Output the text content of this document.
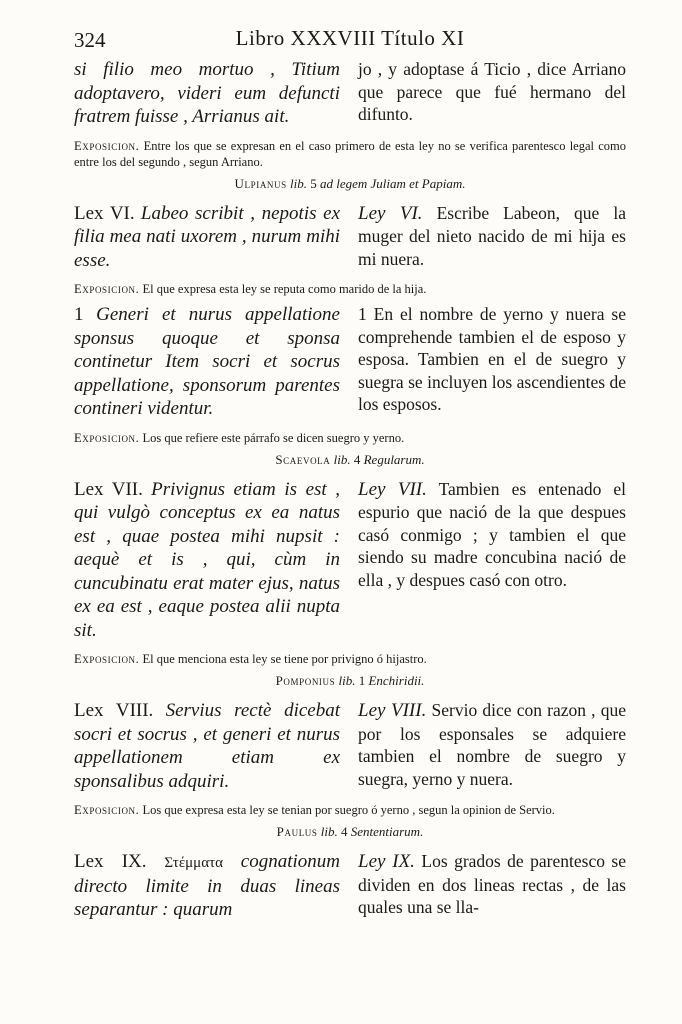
324	Libro XXXVIII Título XI
si filio meo mortuo , Titium adoptavero, videri eum defuncti fratrem fuisse , Arrianus ait.
jo , y adoptase á Ticio , dice Arriano que parece que fué hermano del difunto.

Exposicion. Entre los que se expresan en el caso primero de esta ley no se verifica parentesco legal como entre los del segundo , segun Arriano.

Ulpianus lib. 5 ad legem Juliam et Papiam.

Lex VI. Labeo scribit , nepotis ex filia mea nati uxorem , nurum mihi esse.
Ley VI. Escribe Labeon, que la muger del nieto nacido de mi hija es mi nuera.

Exposicion. El que expresa esta ley se reputa como marido de la hija.

1 Generi et nurus appellatione sponsus quoque et sponsa continetur Item socri et socrus appellatione, sponsorum parentes contineri videntur.
1 En el nombre de yerno y nuera se comprehende tambien el de esposo y esposa. Tambien en el de suegro y suegra se incluyen los ascendientes de los esposos.

Exposicion. Los que refiere este párrafo se dicen suegro y yerno.

Scaevola lib. 4 Regularum.

Lex VII. Privignus etiam is est , qui vulgò conceptus ex ea natus est , quae postea mihi nupsit : aequè et is , qui, cùm in cuncubinatu erat mater ejus, natus ex ea est , eaque postea alii nupta sit.
Ley VII. Tambien es entenado el espurio que nació de la que despues casó conmigo ; y tambien el que siendo su madre concubina nació de ella , y despues casó con otro.

Exposicion. El que menciona esta ley se tiene por privigno ó hijastro.

Pomponius lib. 1 Enchiridii.

Lex VIII. Servius rectè dicebat socri et socrus , et generi et nurus appellationem etiam ex sponsalibus adquiri.
Ley VIII. Servio dice con razon , que por los esponsales se adquiere tambien el nombre de suegro y suegra, yerno y nuera.

Exposicion. Los que expresa esta ley se tenian por suegro ó yerno , segun la opinion de Servio.

Paulus lib. 4 Sententiarum.

Lex IX. Στέμματα cognationum directo limite in duas lineas separantur : quarum
Ley IX. Los grados de parentesco se dividen en dos lineas rectas , de las quales una se lla-
